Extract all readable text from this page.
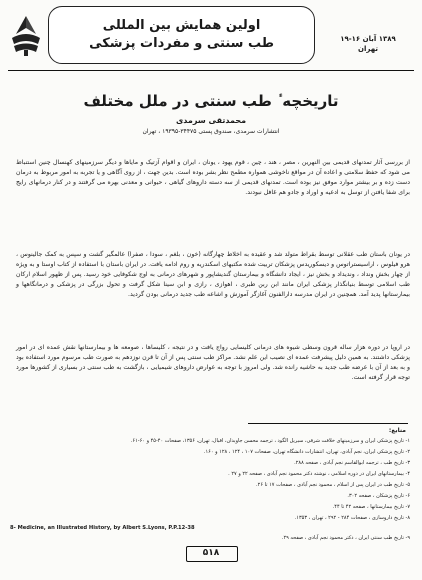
اولین همایش بین المللی
طب سنتی و مفردات پزشکی	۱۳۸۹ آبان ۱۶-۱۹
تهران
تاریخچه ٔ طب سنتی در ملل مختلف
محمدتقی سرمدی
انتشارات سرمدی، صندوق پستی ۳۴۴۷۵-۱۹۳۹۵ ، تهران

از بررسی آثار تمدنهای قدیمی بین النهرین ، مصر ، هند ، چین ، قوم یهود ، یونان ، ایران و اقوام آزتیک و مایاها و دیگر سرزمینهای کهنسال چنین استنباط می شود که حفظ سلامتی و اعاده آن در مواقع ناخوشی همواره مطمح نظر بشر بوده است. بدین جهت ، از روی آگاهی و یا تجربه به امور مربوط به درمان دست زده و بر بیشتر موارد موفق نیز بوده است. تمدنهای قدیمی از سه دسته داروهای گیاهی ، حیوانی و معدنی بهره می گرفتند و در کنار درمانهای رایج برای شفا یافتن از توسل به ادعیه و اوراد و جادو هم غافل نبودند.

در یونان باستان طب عقلانی توسط بقراط متولد شد و عقیده به اخلاط چهارگانه (خون ، بلغم ، سودا ، صفرا) عالمگیر گشت و سپس به کمک جالینوس ، هرو فیلوس ، اراسیستراتوس و دیسکوریدس پزشکان تربیت شده مکتبهای اسکندریه و روم ادامه یافت. در ایران باستان با استفاده از کتاب اوستا و به ویژه از چهار بخش ونداد ، وندیداد و بخش نیز ، ایجاد دانشگاه و بیمارستان گندیشاپور و شهرهای درمانی به اوج شکوفایی خود رسید. پس از ظهور اسلام ارکان طب اسلامی توسط بنیانگذار پزشکی ایران مانند ابن ربن طبری ، اهوازی ، رازی و ابن سینا شکل گرفت و تحول بزرگی در پزشکی و درمانگاهها و بیمارستانها پدید آمد. همچنین در ایران مدرسه دارالفنون آغازگر آموزش و اشاعه طب جدید درمانی بودن گردید.

در اروپا در دوره هزار ساله قرون وسطی شیوه های درمانی کلیسایی رواج یافت و در نتیجه ، کلیساها ، صومعه ها و بیمارستانها نقش عمده ای در امور پزشکی داشتند. به همین دلیل پیشرفت عمده ای نصیب این علم نشد. مراکز طب سنتی پس از آن تا قرن نوزدهم به صورت طب مرسوم مورد استفاده بود و به بعد از آن با عرضه طب جدید به حاشیه رانده شد. ولی امروز با توجه به عوارض داروهای شیمیایی ، بازگشت به طب سنتی در بسیاری از کشورها مورد توجه قرار گرفته است.

منابع:
۱- تاریخ پزشکی ایران و سرزمینهای خلافت شرقی، سیریل الگود ، ترجمه محسن جاویدان، اقبال، تهران، ۱۳۵۶، صفحات ۴۰-۴۵ و ۶۰-۶۱.
۲- تاریخ پزشکی ایران، نجم آبادی، تهران، انتشارات دانشگاه تهران، صفحات ۱۰۷ ، ۱۲۴ ، ۱۲۸ و ۱۶۰.
۳- تاریخ طب ، ترجمه ابوالقاسم نجم آبادی ، صفحه ۲۸۸.
۴- بیمارستانهای ایران در دوره اسلامی ، نوشته دکتر محمود نجم آبادی ، صفحه ۲۲ و ۲۷ .
۵- تاریخ طب در ایران پس از اسلام ، محمود نجم آبادی ، صفحات ۱۷ تا ۲۶.
۶- تاریخ پزشکان ، صفحه ۳۰۲.
۷- تاریخ بیمارستانها ، صفحه ۴۲ تا ۴۴.
۸- تاریخ داروسازی ، صفحات ۲۸۴ - ۲۹۲ ، تهران ، ۱۳۵۳.
8- Medicine, an Illustrated History, by Albert S.Lyons, P.P.12-38
۹- تاریخ طب سنتی ایران ، دکتر محمود نجم آبادی ، صفحه ۲۹.
۵۱۸
